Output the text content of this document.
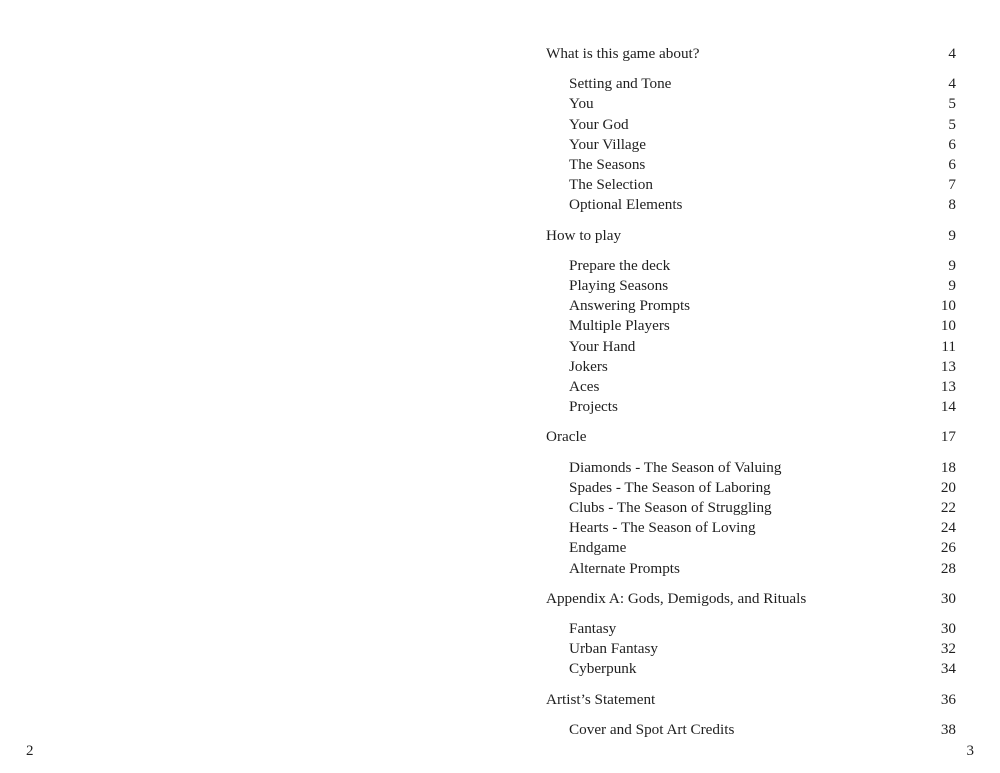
2
What is this game about?	4
Setting and Tone	4
You	5
Your God	5
Your Village	6
The Seasons	6
The Selection	7
Optional Elements	8
How to play	9
Prepare the deck	9
Playing Seasons	9
Answering Prompts	10
Multiple Players	10
Your Hand	11
Jokers	13
Aces	13
Projects	14
Oracle	17
Diamonds - The Season of Valuing	18
Spades - The Season of Laboring	20
Clubs - The Season of Struggling	22
Hearts - The Season of Loving	24
Endgame	26
Alternate Prompts	28
Appendix A: Gods, Demigods, and Rituals	30
Fantasy	30
Urban Fantasy	32
Cyberpunk	34
Artist’s Statement	36
Cover and Spot Art Credits	38
3
